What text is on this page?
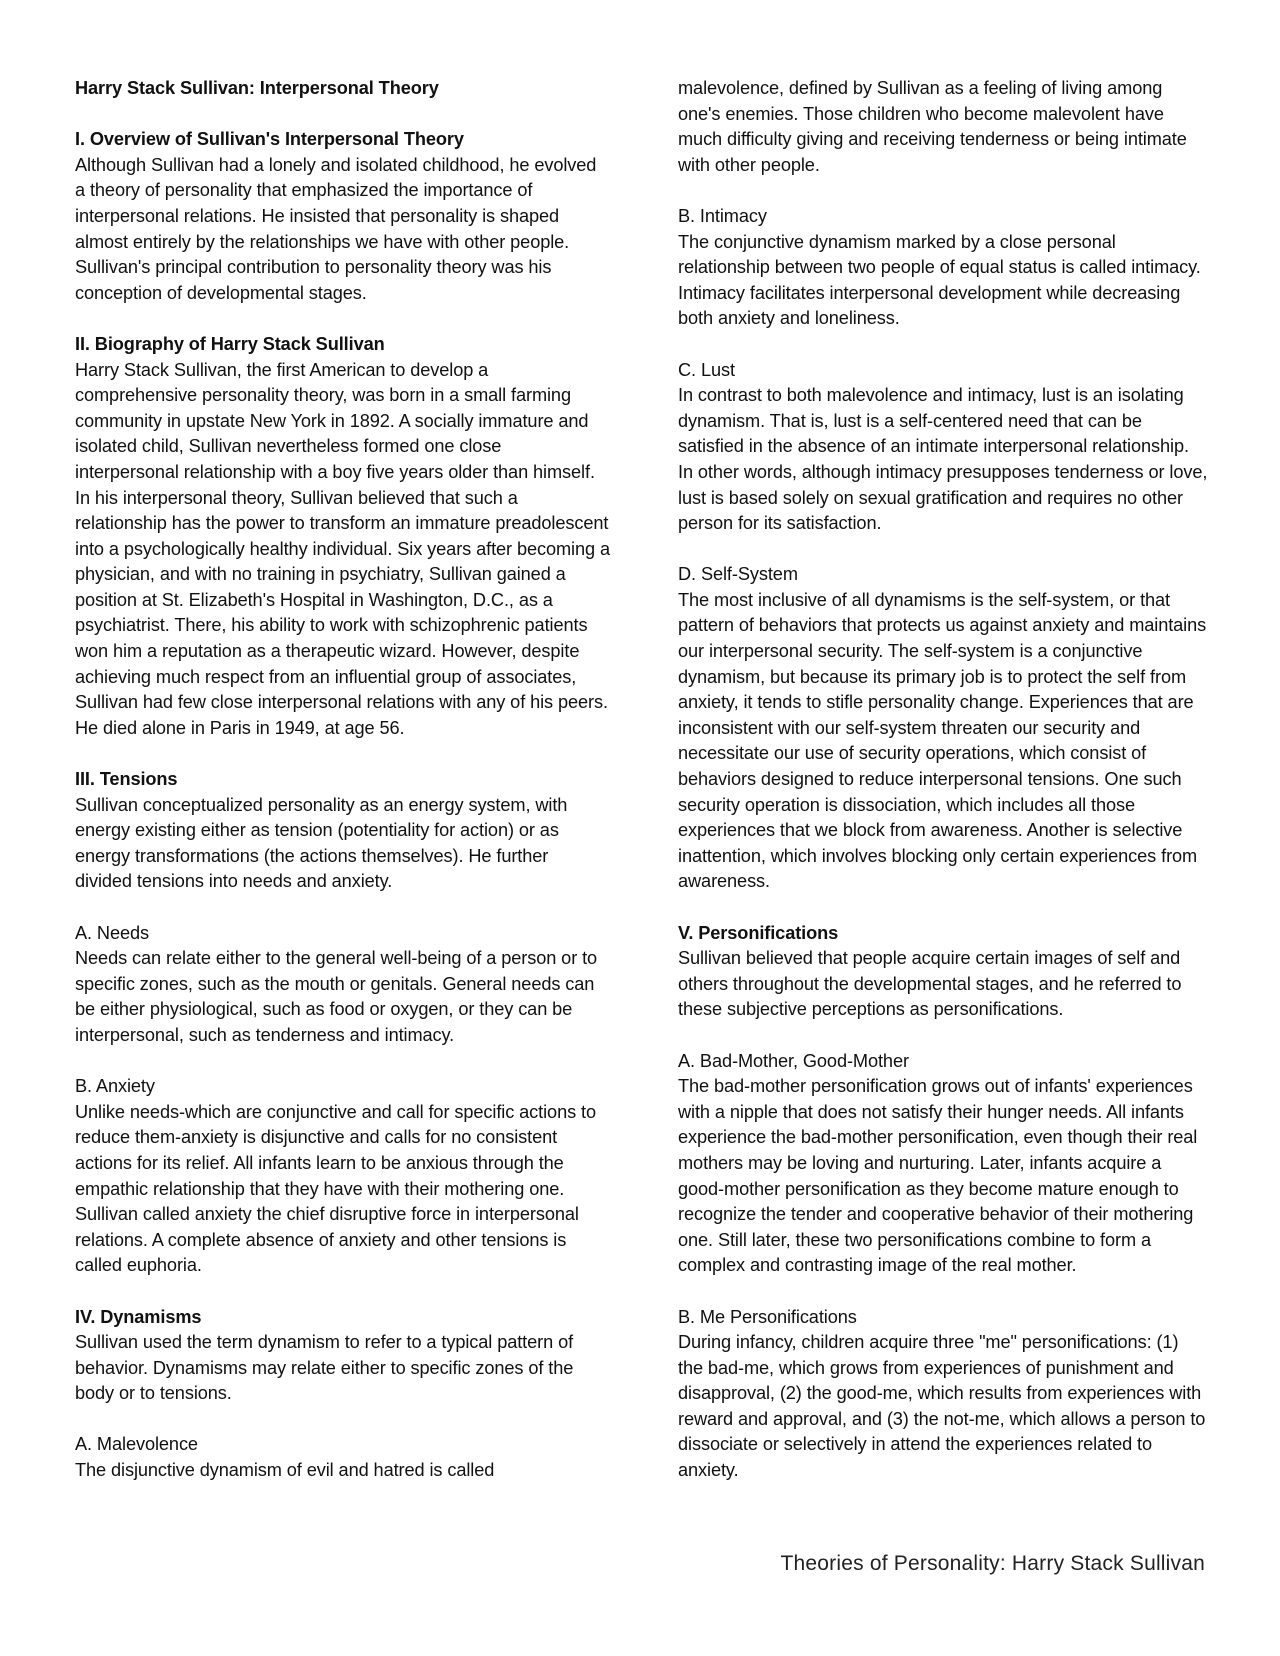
Harry Stack Sullivan: Interpersonal Theory
I. Overview of Sullivan's Interpersonal Theory

Although Sullivan had a lonely and isolated childhood, he evolved a theory of personality that emphasized the importance of interpersonal relations. He insisted that personality is shaped almost entirely by the relationships we have with other people. Sullivan's principal contribution to personality theory was his conception of developmental stages.

II. Biography of Harry Stack Sullivan

Harry Stack Sullivan, the first American to develop a comprehensive personality theory, was born in a small farming community in upstate New York in 1892. A socially immature and isolated child, Sullivan nevertheless formed one close interpersonal relationship with a boy five years older than himself. In his interpersonal theory, Sullivan believed that such a relationship has the power to transform an immature preadolescent into a psychologically healthy individual. Six years after becoming a physician, and with no training in psychiatry, Sullivan gained a position at St. Elizabeth's Hospital in Washington, D.C., as a psychiatrist. There, his ability to work with schizophrenic patients won him a reputation as a therapeutic wizard. However, despite achieving much respect from an influential group of associates, Sullivan had few close interpersonal relations with any of his peers. He died alone in Paris in 1949, at age 56.

III. Tensions

Sullivan conceptualized personality as an energy system, with energy existing either as tension (potentiality for action) or as energy transformations (the actions themselves). He further divided tensions into needs and anxiety.

A. Needs

Needs can relate either to the general well-being of a person or to specific zones, such as the mouth or genitals. General needs can be either physiological, such as food or oxygen, or they can be interpersonal, such as tenderness and intimacy.

B. Anxiety

Unlike needs-which are conjunctive and call for specific actions to reduce them-anxiety is disjunctive and calls for no consistent actions for its relief. All infants learn to be anxious through the empathic relationship that they have with their mothering one. Sullivan called anxiety the chief disruptive force in interpersonal relations. A complete absence of anxiety and other tensions is called euphoria.

IV. Dynamisms

Sullivan used the term dynamism to refer to a typical pattern of behavior. Dynamisms may relate either to specific zones of the body or to tensions.

A. Malevolence

The disjunctive dynamism of evil and hatred is called

malevolence, defined by Sullivan as a feeling of living among one's enemies. Those children who become malevolent have much difficulty giving and receiving tenderness or being intimate with other people.

B. Intimacy

The conjunctive dynamism marked by a close personal relationship between two people of equal status is called intimacy. Intimacy facilitates interpersonal development while decreasing both anxiety and loneliness.

C. Lust

In contrast to both malevolence and intimacy, lust is an isolating dynamism. That is, lust is a self-centered need that can be satisfied in the absence of an intimate interpersonal relationship. In other words, although intimacy presupposes tenderness or love, lust is based solely on sexual gratification and requires no other person for its satisfaction.

D. Self-System

The most inclusive of all dynamisms is the self-system, or that pattern of behaviors that protects us against anxiety and maintains our interpersonal security. The self-system is a conjunctive dynamism, but because its primary job is to protect the self from anxiety, it tends to stifle personality change. Experiences that are inconsistent with our self-system threaten our security and necessitate our use of security operations, which consist of behaviors designed to reduce interpersonal tensions. One such security operation is dissociation, which includes all those experiences that we block from awareness. Another is selective inattention, which involves blocking only certain experiences from awareness.

V. Personifications

Sullivan believed that people acquire certain images of self and others throughout the developmental stages, and he referred to these subjective perceptions as personifications.

A. Bad-Mother, Good-Mother

The bad-mother personification grows out of infants' experiences with a nipple that does not satisfy their hunger needs. All infants experience the bad-mother personification, even though their real mothers may be loving and nurturing. Later, infants acquire a good-mother personification as they become mature enough to recognize the tender and cooperative behavior of their mothering one. Still later, these two personifications combine to form a complex and contrasting image of the real mother.

B. Me Personifications

During infancy, children acquire three "me" personifications: (1) the bad-me, which grows from experiences of punishment and disapproval, (2) the good-me, which results from experiences with reward and approval, and (3) the not-me, which allows a person to dissociate or selectively in attend the experiences related to anxiety.

Theories of Personality: Harry Stack Sullivan
